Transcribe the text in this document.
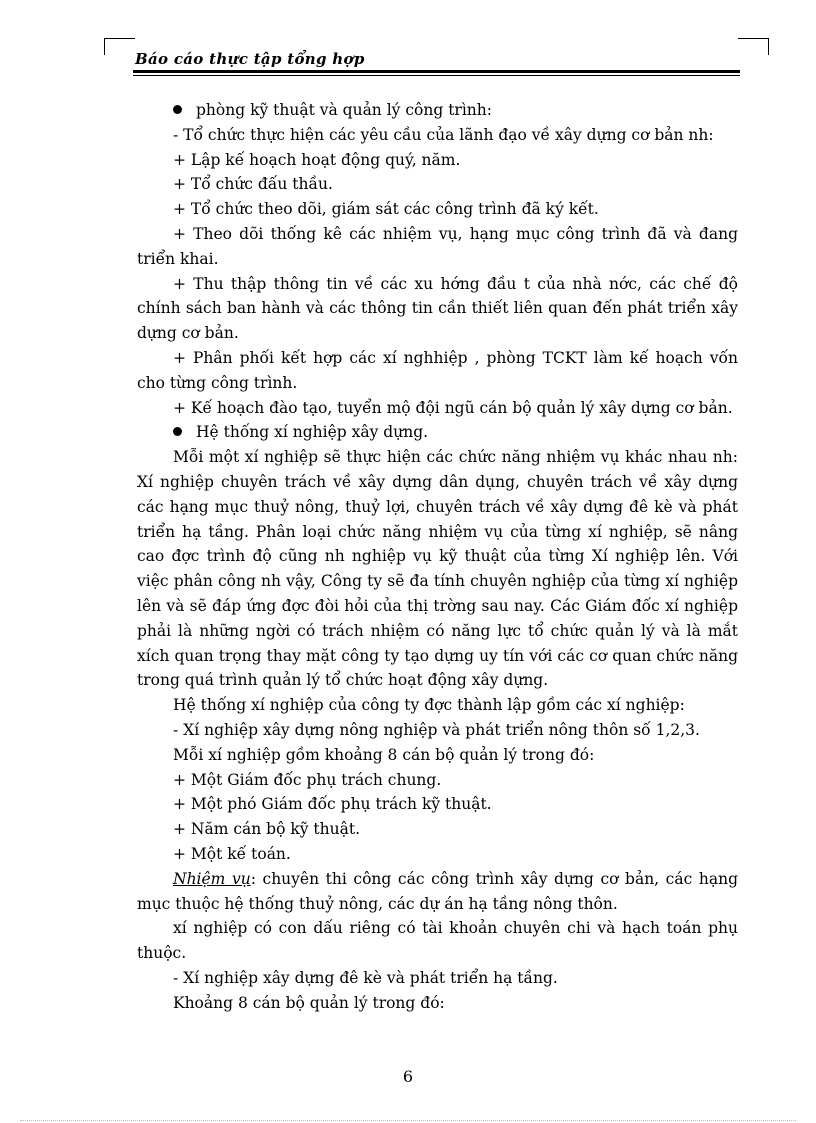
Báo cáo thực tập tổng hợp

phòng kỹ thuật và quản lý công trình:

- Tổ chức thực hiện các yêu cầu của lãnh đạo về xây dựng cơ bản nh:

+ Lập kế hoạch hoạt động quý, năm.

+ Tổ chức đấu thầu.

+ Tổ chức theo dõi, giám sát các công trình đã ký kết.

+ Theo dõi thống kê các nhiệm vụ, hạng mục công trình đã và đang triển khai.

+ Thu thập thông tin về các xu hớng đầu t của nhà nớc, các chế độ chính sách ban hành và các thông tin cần thiết liên quan đến phát triển xây dựng cơ bản.

+ Phân phối kết hợp các xí nghhiệp , phòng TCKT làm kế hoạch vốn cho từng công trình.

+ Kế hoạch đào tạo, tuyển mộ đội ngũ cán bộ quản lý xây dựng cơ bản.

Hệ thống xí nghiệp xây dựng.

Mỗi một xí nghiệp sẽ thực hiện các chức năng nhiệm vụ khác nhau nh: Xí nghiệp chuyên trách về xây dựng dân dụng, chuyên trách về xây dựng các hạng mục thuỷ nông, thuỷ lợi, chuyên trách về xây dựng đê kè và phát triển hạ tầng. Phân loại chức năng nhiệm vụ của từng xí nghiệp, sẽ nâng cao đợc trình độ cũng nh nghiệp vụ kỹ thuật của từng Xí nghiệp lên. Với việc phân công nh vậy, Công ty sẽ đa tính chuyên nghiệp của từng xí nghiệp lên và sẽ đáp ứng đợc đòi hỏi của thị trờng sau nay. Các Giám đốc xí nghiệp phải là những ngời có trách nhiệm có năng lực tổ chức quản lý và là mắt xích quan trọng thay mặt công ty tạo dựng uy tín với các cơ quan chức năng trong quá trình quản lý tổ chức hoạt động xây dựng.

Hệ thống xí nghiệp của công ty đợc thành lập gồm các xí nghiệp:

- Xí nghiệp xây dựng nông nghiệp và phát triển nông thôn số 1,2,3.

Mỗi xí nghiệp gồm khoảng 8 cán bộ quản lý trong đó:

+ Một Giám đốc phụ trách chung.

+ Một phó Giám đốc phụ trách kỹ thuật.

+ Năm cán bộ kỹ thuật.

+ Một kế toán.

Nhiệm vụ: chuyên thi công các công trình xây dựng cơ bản, các hạng mục thuộc hệ thống thuỷ nông, các dự án hạ tầng nông thôn.

xí nghiệp có con dấu riêng có tài khoản chuyên chi và hạch toán phụ thuộc.

- Xí nghiệp xây dựng đê kè và phát triển hạ tầng.

Khoảng 8 cán bộ quản lý trong đó:

6
